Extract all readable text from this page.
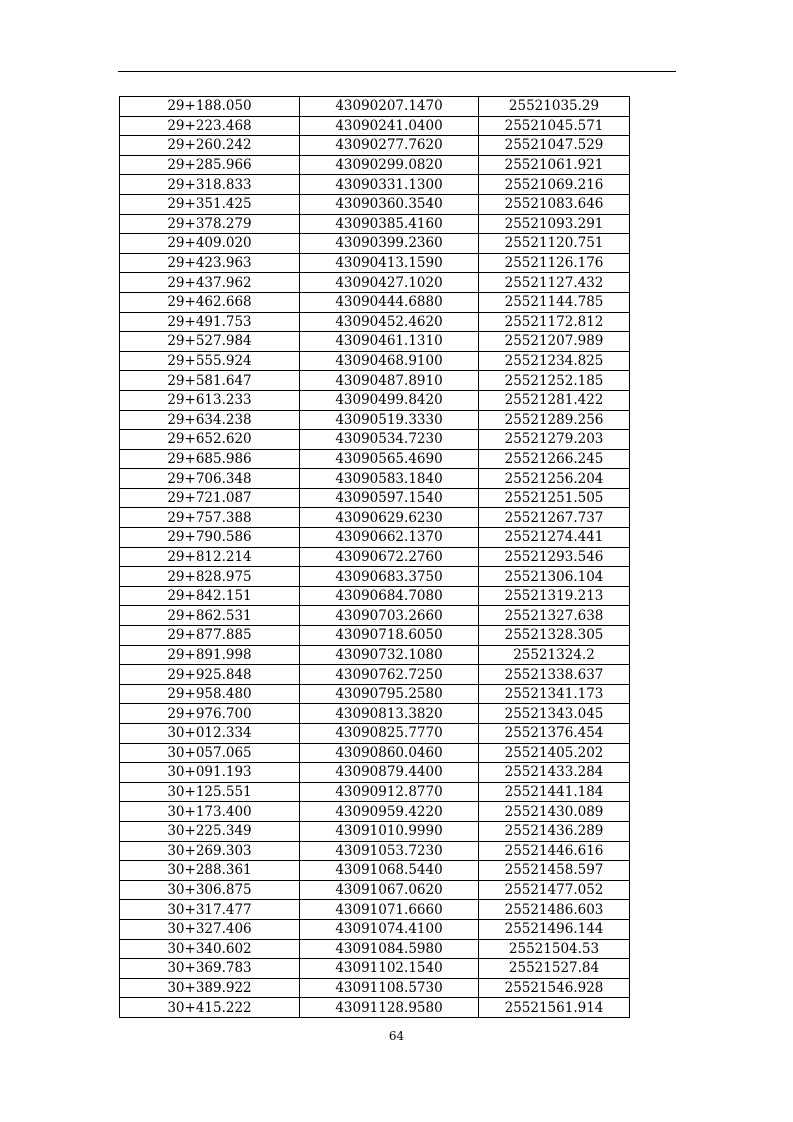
29+188.050	43090207.1470	25521035.29
29+223.468	43090241.0400	25521045.571
29+260.242	43090277.7620	25521047.529
29+285.966	43090299.0820	25521061.921
29+318.833	43090331.1300	25521069.216
29+351.425	43090360.3540	25521083.646
29+378.279	43090385.4160	25521093.291
29+409.020	43090399.2360	25521120.751
29+423.963	43090413.1590	25521126.176
29+437.962	43090427.1020	25521127.432
29+462.668	43090444.6880	25521144.785
29+491.753	43090452.4620	25521172.812
29+527.984	43090461.1310	25521207.989
29+555.924	43090468.9100	25521234.825
29+581.647	43090487.8910	25521252.185
29+613.233	43090499.8420	25521281.422
29+634.238	43090519.3330	25521289.256
29+652.620	43090534.7230	25521279.203
29+685.986	43090565.4690	25521266.245
29+706.348	43090583.1840	25521256.204
29+721.087	43090597.1540	25521251.505
29+757.388	43090629.6230	25521267.737
29+790.586	43090662.1370	25521274.441
29+812.214	43090672.2760	25521293.546
29+828.975	43090683.3750	25521306.104
29+842.151	43090684.7080	25521319.213
29+862.531	43090703.2660	25521327.638
29+877.885	43090718.6050	25521328.305
29+891.998	43090732.1080	25521324.2
29+925.848	43090762.7250	25521338.637
29+958.480	43090795.2580	25521341.173
29+976.700	43090813.3820	25521343.045
30+012.334	43090825.7770	25521376.454
30+057.065	43090860.0460	25521405.202
30+091.193	43090879.4400	25521433.284
30+125.551	43090912.8770	25521441.184
30+173.400	43090959.4220	25521430.089
30+225.349	43091010.9990	25521436.289
30+269.303	43091053.7230	25521446.616
30+288.361	43091068.5440	25521458.597
30+306.875	43091067.0620	25521477.052
30+317.477	43091071.6660	25521486.603
30+327.406	43091074.4100	25521496.144
30+340.602	43091084.5980	25521504.53
30+369.783	43091102.1540	25521527.84
30+389.922	43091108.5730	25521546.928
30+415.222	43091128.9580	25521561.914
64
